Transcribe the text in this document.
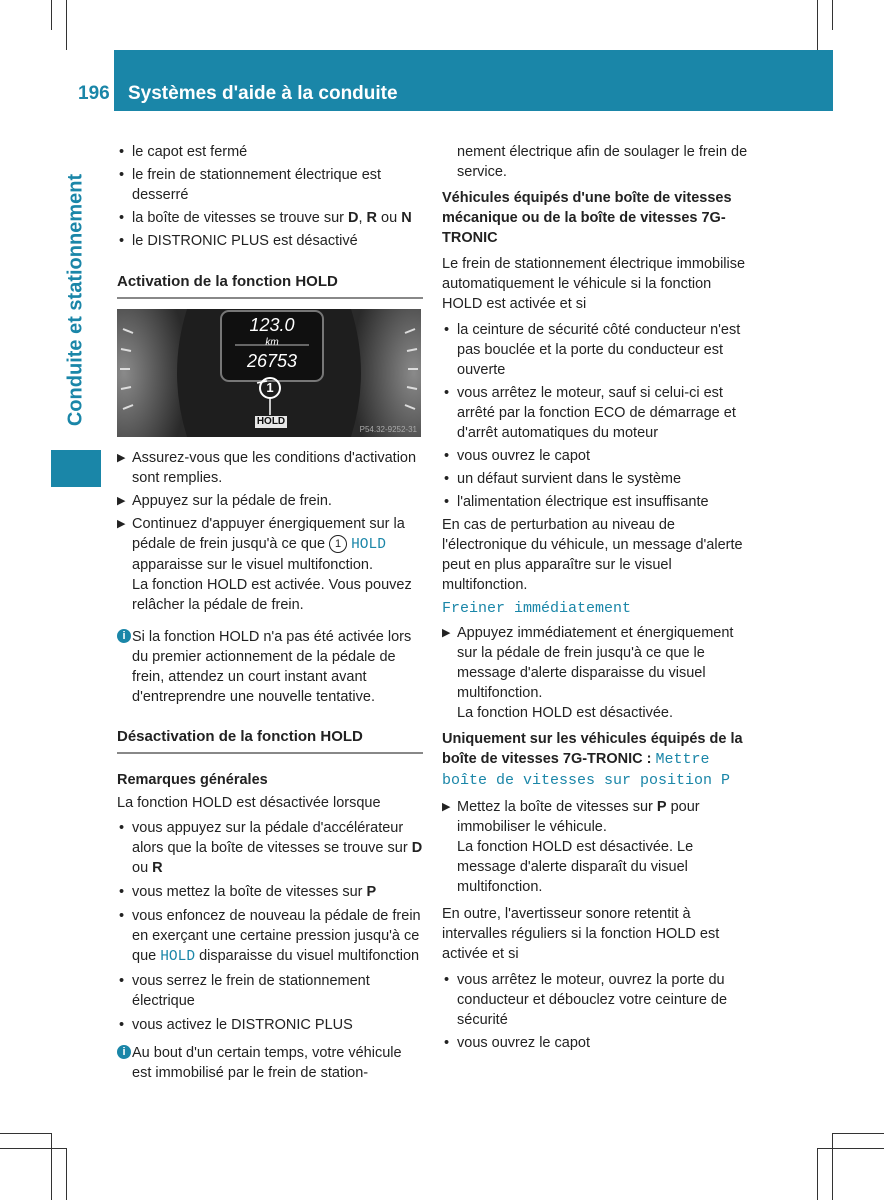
196 Systèmes d'aide à la conduite
Conduite et stationnement

• le capot est fermé

• le frein de stationnement électrique est desserré

• la boîte de vitesses se trouve sur D, R ou N

• le DISTRONIC PLUS est désactivé

Activation de la fonction HOLD

123.0
km
26753
1
HOLD
P54.32-9252-31

▶ Assurez-vous que les conditions d'activation sont remplies.

▶ Appuyez sur la pédale de frein.

▶ Continuez d'appuyer énergiquement sur la pédale de frein jusqu'à ce que 1 HOLD apparaisse sur le visuel multifonction.
La fonction HOLD est activée. Vous pouvez relâcher la pédale de frein.

i Si la fonction HOLD n'a pas été activée lors du premier actionnement de la pédale de frein, attendez un court instant avant d'entreprendre une nouvelle tentative.

Désactivation de la fonction HOLD

Remarques générales

La fonction HOLD est désactivée lorsque

• vous appuyez sur la pédale d'accélérateur alors que la boîte de vitesses se trouve sur D ou R

• vous mettez la boîte de vitesses sur P

• vous enfoncez de nouveau la pédale de frein en exerçant une certaine pression jusqu'à ce que HOLD disparaisse du visuel multifonction

• vous serrez le frein de stationnement électrique

• vous activez le DISTRONIC PLUS

i Au bout d'un certain temps, votre véhicule est immobilisé par le frein de station-

nement électrique afin de soulager le frein de service.

Véhicules équipés d'une boîte de vitesses mécanique ou de la boîte de vitesses 7G-TRONIC

Le frein de stationnement électrique immobilise automatiquement le véhicule si la fonction HOLD est activée et si

• la ceinture de sécurité côté conducteur n'est pas bouclée et la porte du conducteur est ouverte

• vous arrêtez le moteur, sauf si celui-ci est arrêté par la fonction ECO de démarrage et d'arrêt automatiques du moteur

• vous ouvrez le capot

• un défaut survient dans le système

• l'alimentation électrique est insuffisante

En cas de perturbation au niveau de l'électronique du véhicule, un message d'alerte peut en plus apparaître sur le visuel multifonction.

Freiner immédiatement

▶ Appuyez immédiatement et énergiquement sur la pédale de frein jusqu'à ce que le message d'alerte disparaisse du visuel multifonction.
La fonction HOLD est désactivée.

Uniquement sur les véhicules équipés de la boîte de vitesses 7G-TRONIC : Mettre boîte de vitesses sur position P

▶ Mettez la boîte de vitesses sur P pour immobiliser le véhicule.
La fonction HOLD est désactivée. Le message d'alerte disparaît du visuel multifonction.

En outre, l'avertisseur sonore retentit à intervalles réguliers si la fonction HOLD est activée et si

• vous arrêtez le moteur, ouvrez la porte du conducteur et débouclez votre ceinture de sécurité

• vous ouvrez le capot
